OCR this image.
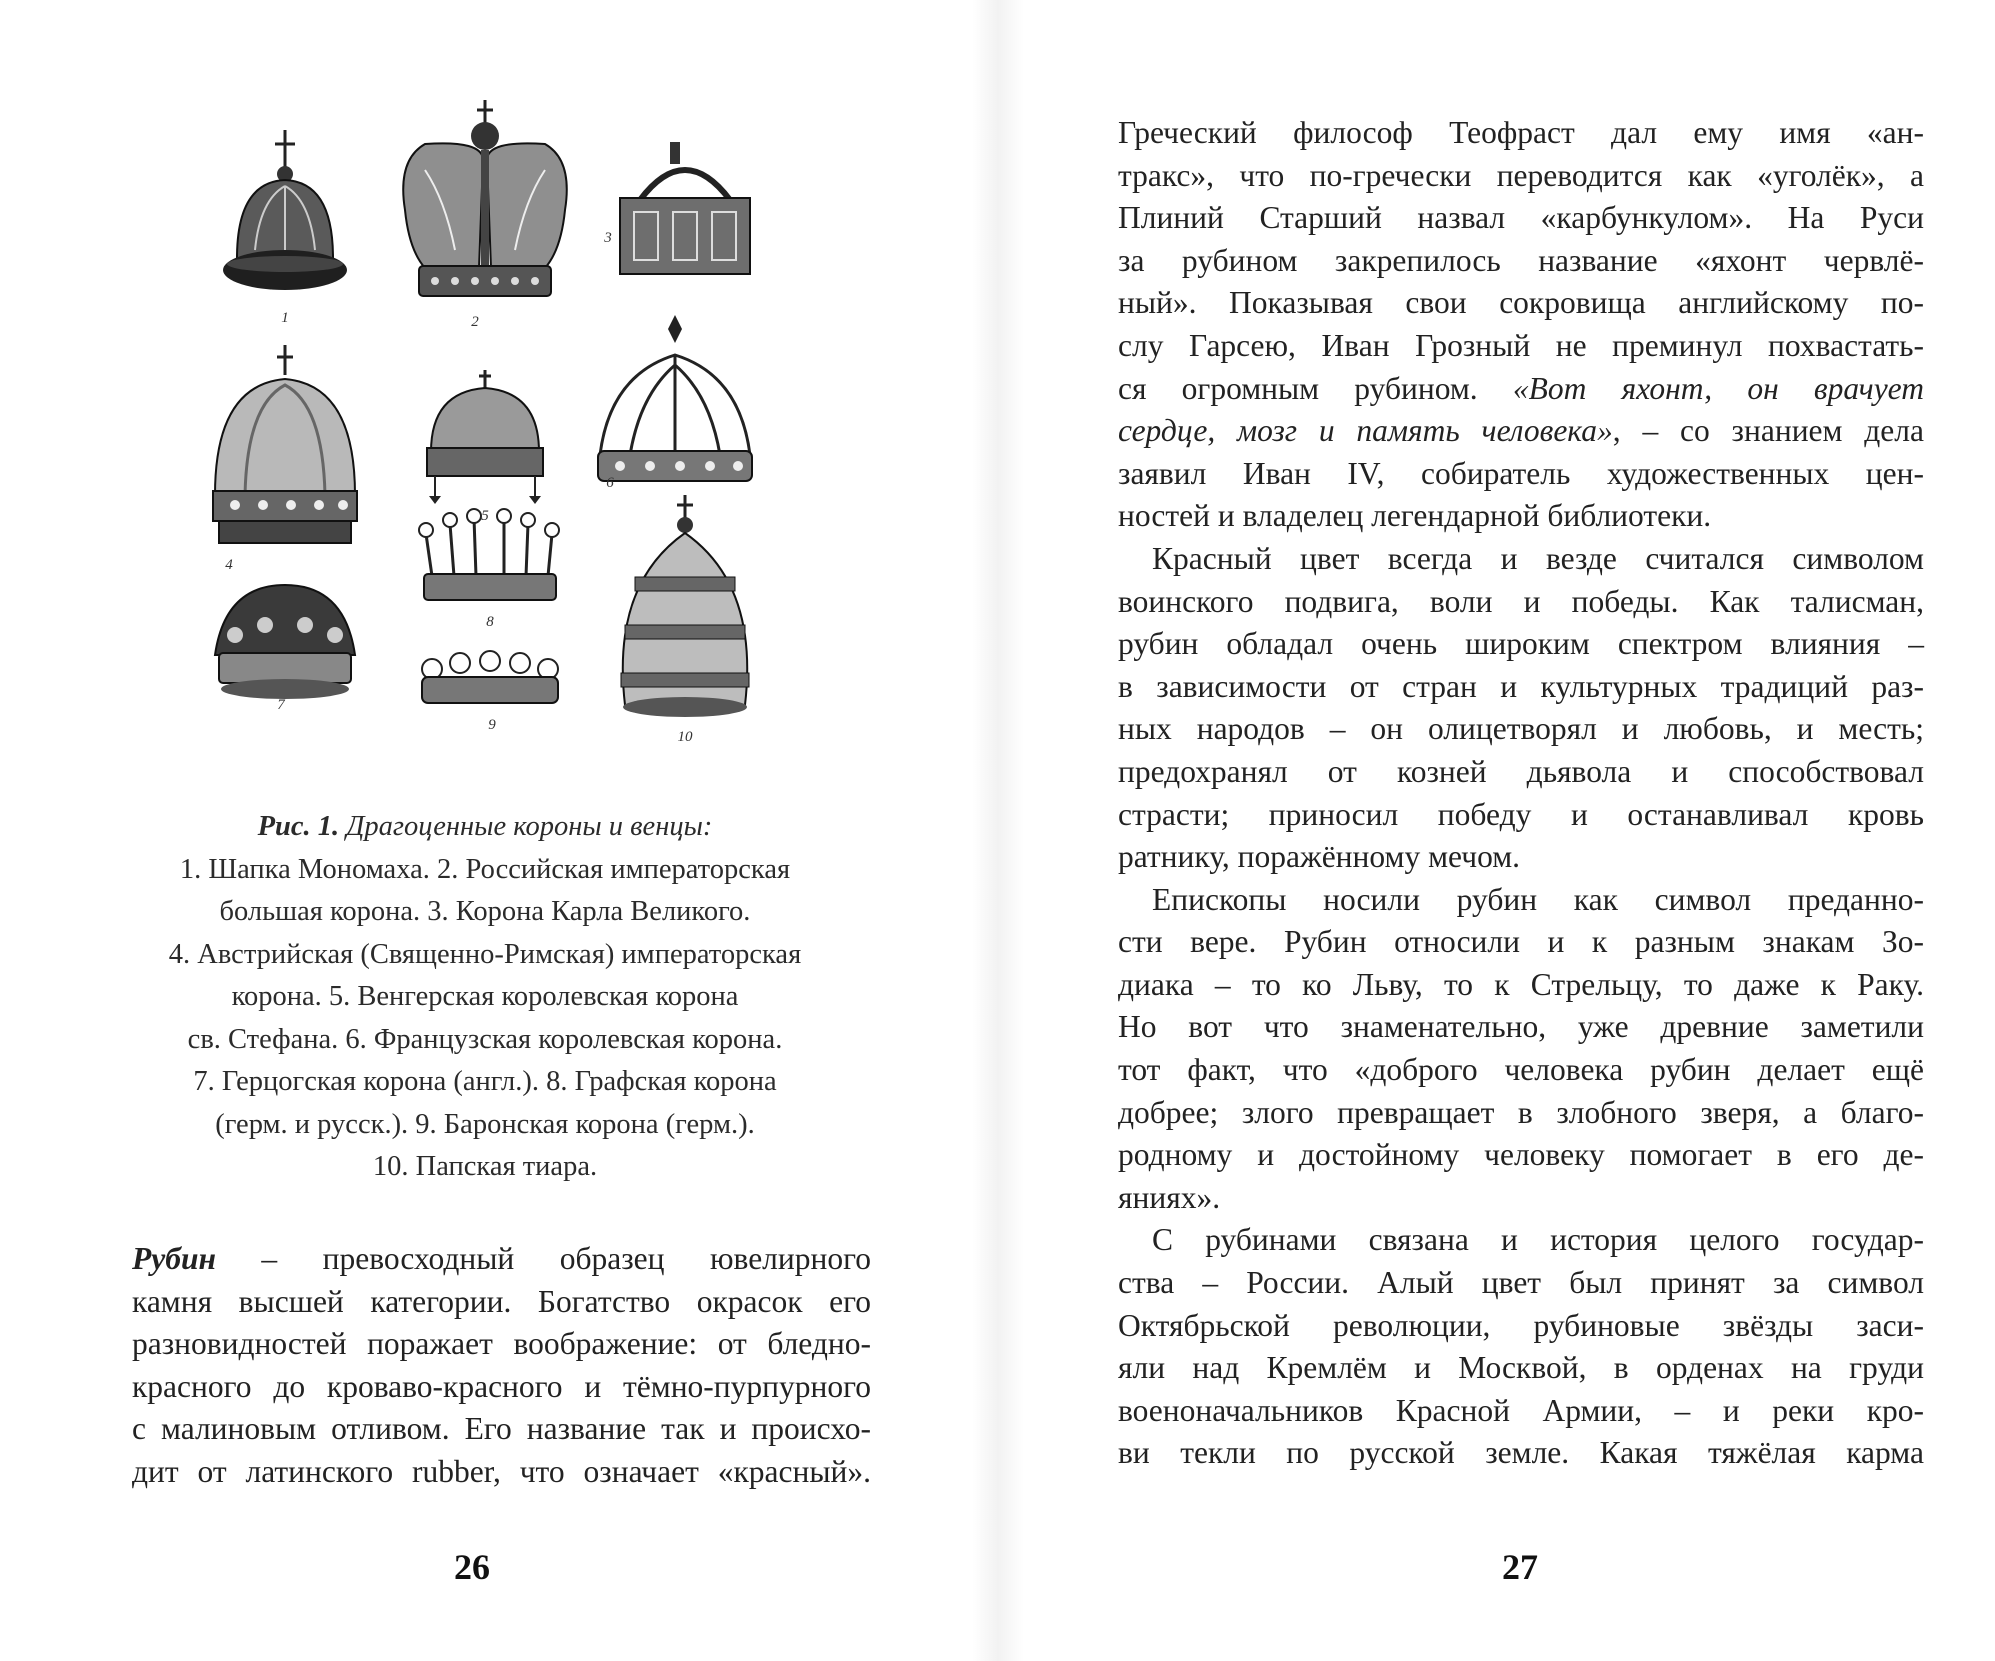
1	2
3
4
5
6
7
8
9
10
Рис. 1. Драгоценные короны и венцы:
1. Шапка Мономаха. 2. Российская императорская
большая корона. 3. Корона Карла Великого.
4. Австрийская (Священно-Римская) императорская
корона. 5. Венгерская королевская корона
св. Стефана. 6. Французская королевская корона.
7. Герцогская корона (англ.). 8. Графская корона
(герм. и русск.). 9. Баронская корона (герм.).
10. Папская тиара.
Рубин – превосходный образец ювелирного
камня высшей категории. Богатство окрасок его
разновидностей поражает воображение: от бледно-
красного до кроваво-красного и тёмно-пурпурного
с малиновым отливом. Его название так и происхо-
дит от латинского rubber, что означает «красный».
26
Греческий философ Теофраст дал ему имя «ан-
тракс», что по-гречески переводится как «уголёк», а
Плиний Старший назвал «карбункулом». На Руси
за рубином закрепилось название «яхонт червлё-
ный». Показывая свои сокровища английскому по-
слу Гарсею, Иван Грозный не преминул похвастать-
ся огромным рубином. «Вот яхонт, он врачует
сердце, мозг и память человека», – со знанием дела
заявил Иван IV, собиратель художественных цен-
ностей и владелец легендарной библиотеки.
Красный цвет всегда и везде считался символом
воинского подвига, воли и победы. Как талисман,
рубин обладал очень широким спектром влияния –
в зависимости от стран и культурных традиций раз-
ных народов – он олицетворял и любовь, и месть;
предохранял от козней дьявола и способствовал
страсти; приносил победу и останавливал кровь
ратнику, поражённому мечом.
Епископы носили рубин как символ преданно-
сти вере. Рубин относили и к разным знакам Зо-
диака – то ко Льву, то к Стрельцу, то даже к Раку.
Но вот что знаменательно, уже древние заметили
тот факт, что «доброго человека рубин делает ещё
добрее; злого превращает в злобного зверя, а благо-
родному и достойному человеку помогает в его де-
яниях».
С рубинами связана и история целого государ-
ства – России. Алый цвет был принят за символ
Октябрьской революции, рубиновые звёзды заси-
яли над Кремлём и Москвой, в орденах на груди
военоначальников Красной Армии, – и реки кро-
ви текли по русской земле. Какая тяжёлая карма
27
